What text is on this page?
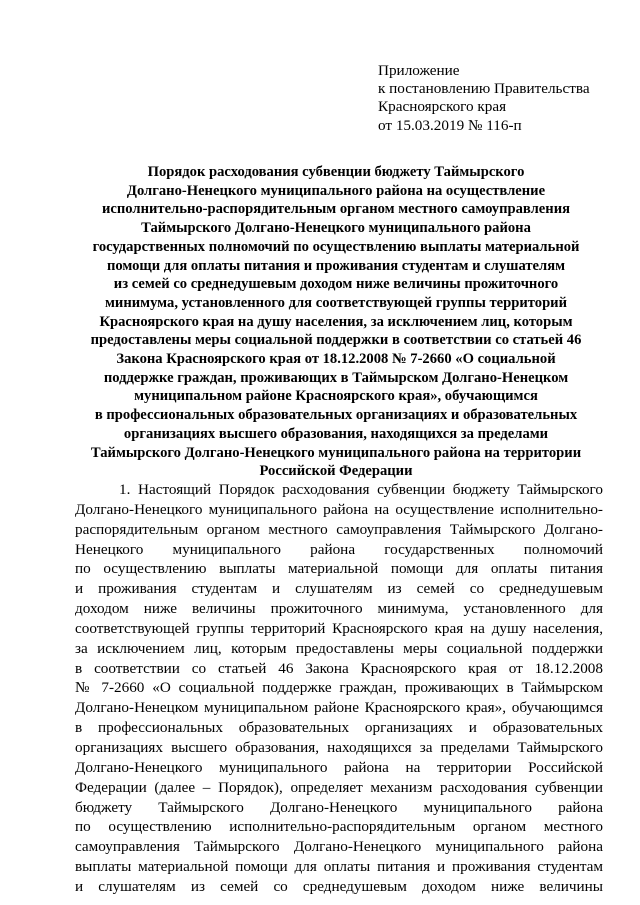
Приложение
к постановлению Правительства
Красноярского края
от 15.03.2019 № 116-п
Порядок расходования субвенции бюджету Таймырского
Долгано-Ненецкого муниципального района на осуществление
исполнительно-распорядительным органом местного самоуправления
Таймырского Долгано-Ненецкого муниципального района
государственных полномочий по осуществлению выплаты материальной
помощи для оплаты питания и проживания студентам и слушателям
из семей со среднедушевым доходом ниже величины прожиточного
минимума, установленного для соответствующей группы территорий
Красноярского края на душу населения, за исключением лиц, которым
предоставлены меры социальной поддержки в соответствии со статьей 46
Закона Красноярского края от 18.12.2008 № 7-2660 «О социальной
поддержке граждан, проживающих в Таймырском Долгано-Ненецком
муниципальном районе Красноярского края», обучающимся
в профессиональных образовательных организациях и образовательных
организациях высшего образования, находящихся за пределами
Таймырского Долгано-Ненецкого муниципального района на территории
Российской Федерации
1. Настоящий Порядок расходования субвенции бюджету Таймырского
Долгано-Ненецкого муниципального района на осуществление исполнительно-
распорядительным органом местного самоуправления Таймырского Долгано-
Ненецкого муниципального района государственных полномочий
по осуществлению выплаты материальной помощи для оплаты питания
и проживания студентам и слушателям из семей со среднедушевым
доходом ниже величины прожиточного минимума, установленного для
соответствующей группы территорий Красноярского края на душу населения,
за исключением лиц, которым предоставлены меры социальной поддержки
в соответствии со статьей 46 Закона Красноярского края от 18.12.2008
№ 7-2660 «О социальной поддержке граждан, проживающих в Таймырском
Долгано-Ненецком муниципальном районе Красноярского края», обучающимся
в профессиональных образовательных организациях и образовательных
организациях высшего образования, находящихся за пределами Таймырского
Долгано-Ненецкого муниципального района на территории Российской
Федерации (далее – Порядок), определяет механизм расходования субвенции
бюджету Таймырского Долгано-Ненецкого муниципального района
по осуществлению исполнительно-распорядительным органом местного
самоуправления Таймырского Долгано-Ненецкого муниципального района
выплаты материальной помощи для оплаты питания и проживания студентам
и слушателям из семей со среднедушевым доходом ниже величины
